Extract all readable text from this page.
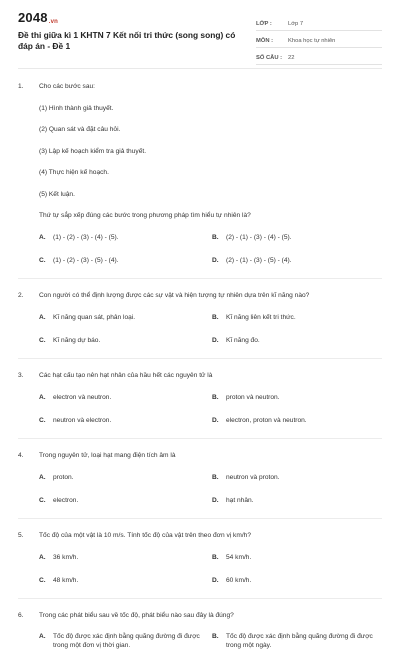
2048.vn
Đề thi giữa kì 1 KHTN 7 Kết nối tri thức (song song) có đáp án - Đề 1
LỚP :	Lớp 7
MÔN :	Khoa học tự nhiên
SỐ CÂU :	22
1.	Cho các bước sau:
(1) Hình thành giả thuyết.
(2) Quan sát và đặt câu hỏi.
(3) Lập kế hoạch kiểm tra giả thuyết.
(4) Thực hiện kế hoạch.
(5) Kết luận.
Thứ tự sắp xếp đúng các bước trong phương pháp tìm hiểu tự nhiên là?
A.	(1) - (2) - (3) - (4) - (5).	B.	(2) - (1) - (3) - (4) - (5).
C.	(1) - (2) - (3) - (5) - (4).	D.	(2) - (1) - (3) - (5) - (4).
2.	Con người có thể định lượng được các sự vật và hiện tượng tự nhiên dựa trên kĩ năng nào?
A.	Kĩ năng quan sát, phân loại.	B.	Kĩ năng liên kết tri thức.
C.	Kĩ năng dự báo.	D.	Kĩ năng đo.
3.	Các hạt cấu tạo nên hạt nhân của hầu hết các nguyên tử là
A.	electron và neutron.	B.	proton và neutron.
C.	neutron và electron.	D.	electron, proton và neutron.
4.	Trong nguyên tử, loại hạt mang điện tích âm là
A.	proton.	B.	neutron và proton.
C.	electron.	D.	hạt nhân.
5.	Tốc độ của một vật là 10 m/s. Tính tốc độ của vật trên theo đơn vị km/h?
A.	36 km/h.	B.	54 km/h.
C.	48 km/h.	D.	60 km/h.
6.	Trong các phát biểu sau về tốc độ, phát biểu nào sau đây là đúng?
A.	Tốc độ được xác định bằng quãng đường đi được trong một đơn vị thời gian.
B.	Tốc độ được xác định bằng quãng đường đi được trong một ngày.
